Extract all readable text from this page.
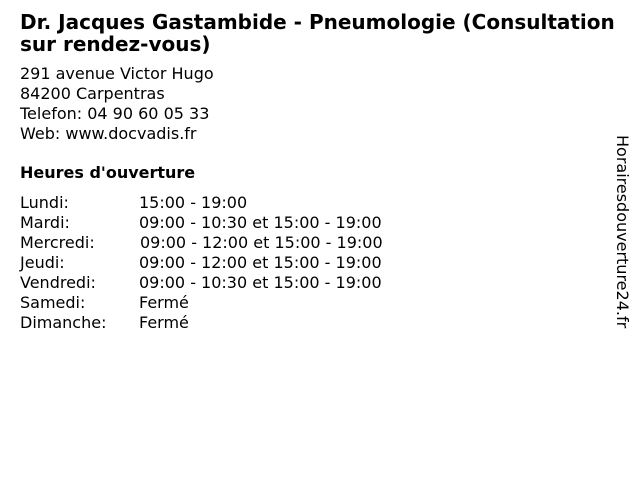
Dr. Jacques Gastambide - Pneumologie (Consultation sur rendez-vous)
291 avenue Victor Hugo
84200 Carpentras
Telefon: 04 90 60 05 33
Web: www.docvadis.fr
Heures d'ouverture
Lundi:	15:00 - 19:00
Mardi:	09:00 - 10:30 et 15:00 - 19:00
Mercredi:	09:00 - 12:00 et 15:00 - 19:00
Jeudi:	09:00 - 12:00 et 15:00 - 19:00
Vendredi:	09:00 - 10:30 et 15:00 - 19:00
Samedi:	Fermé
Dimanche:	Fermé	Horairesdouverture24.fr
